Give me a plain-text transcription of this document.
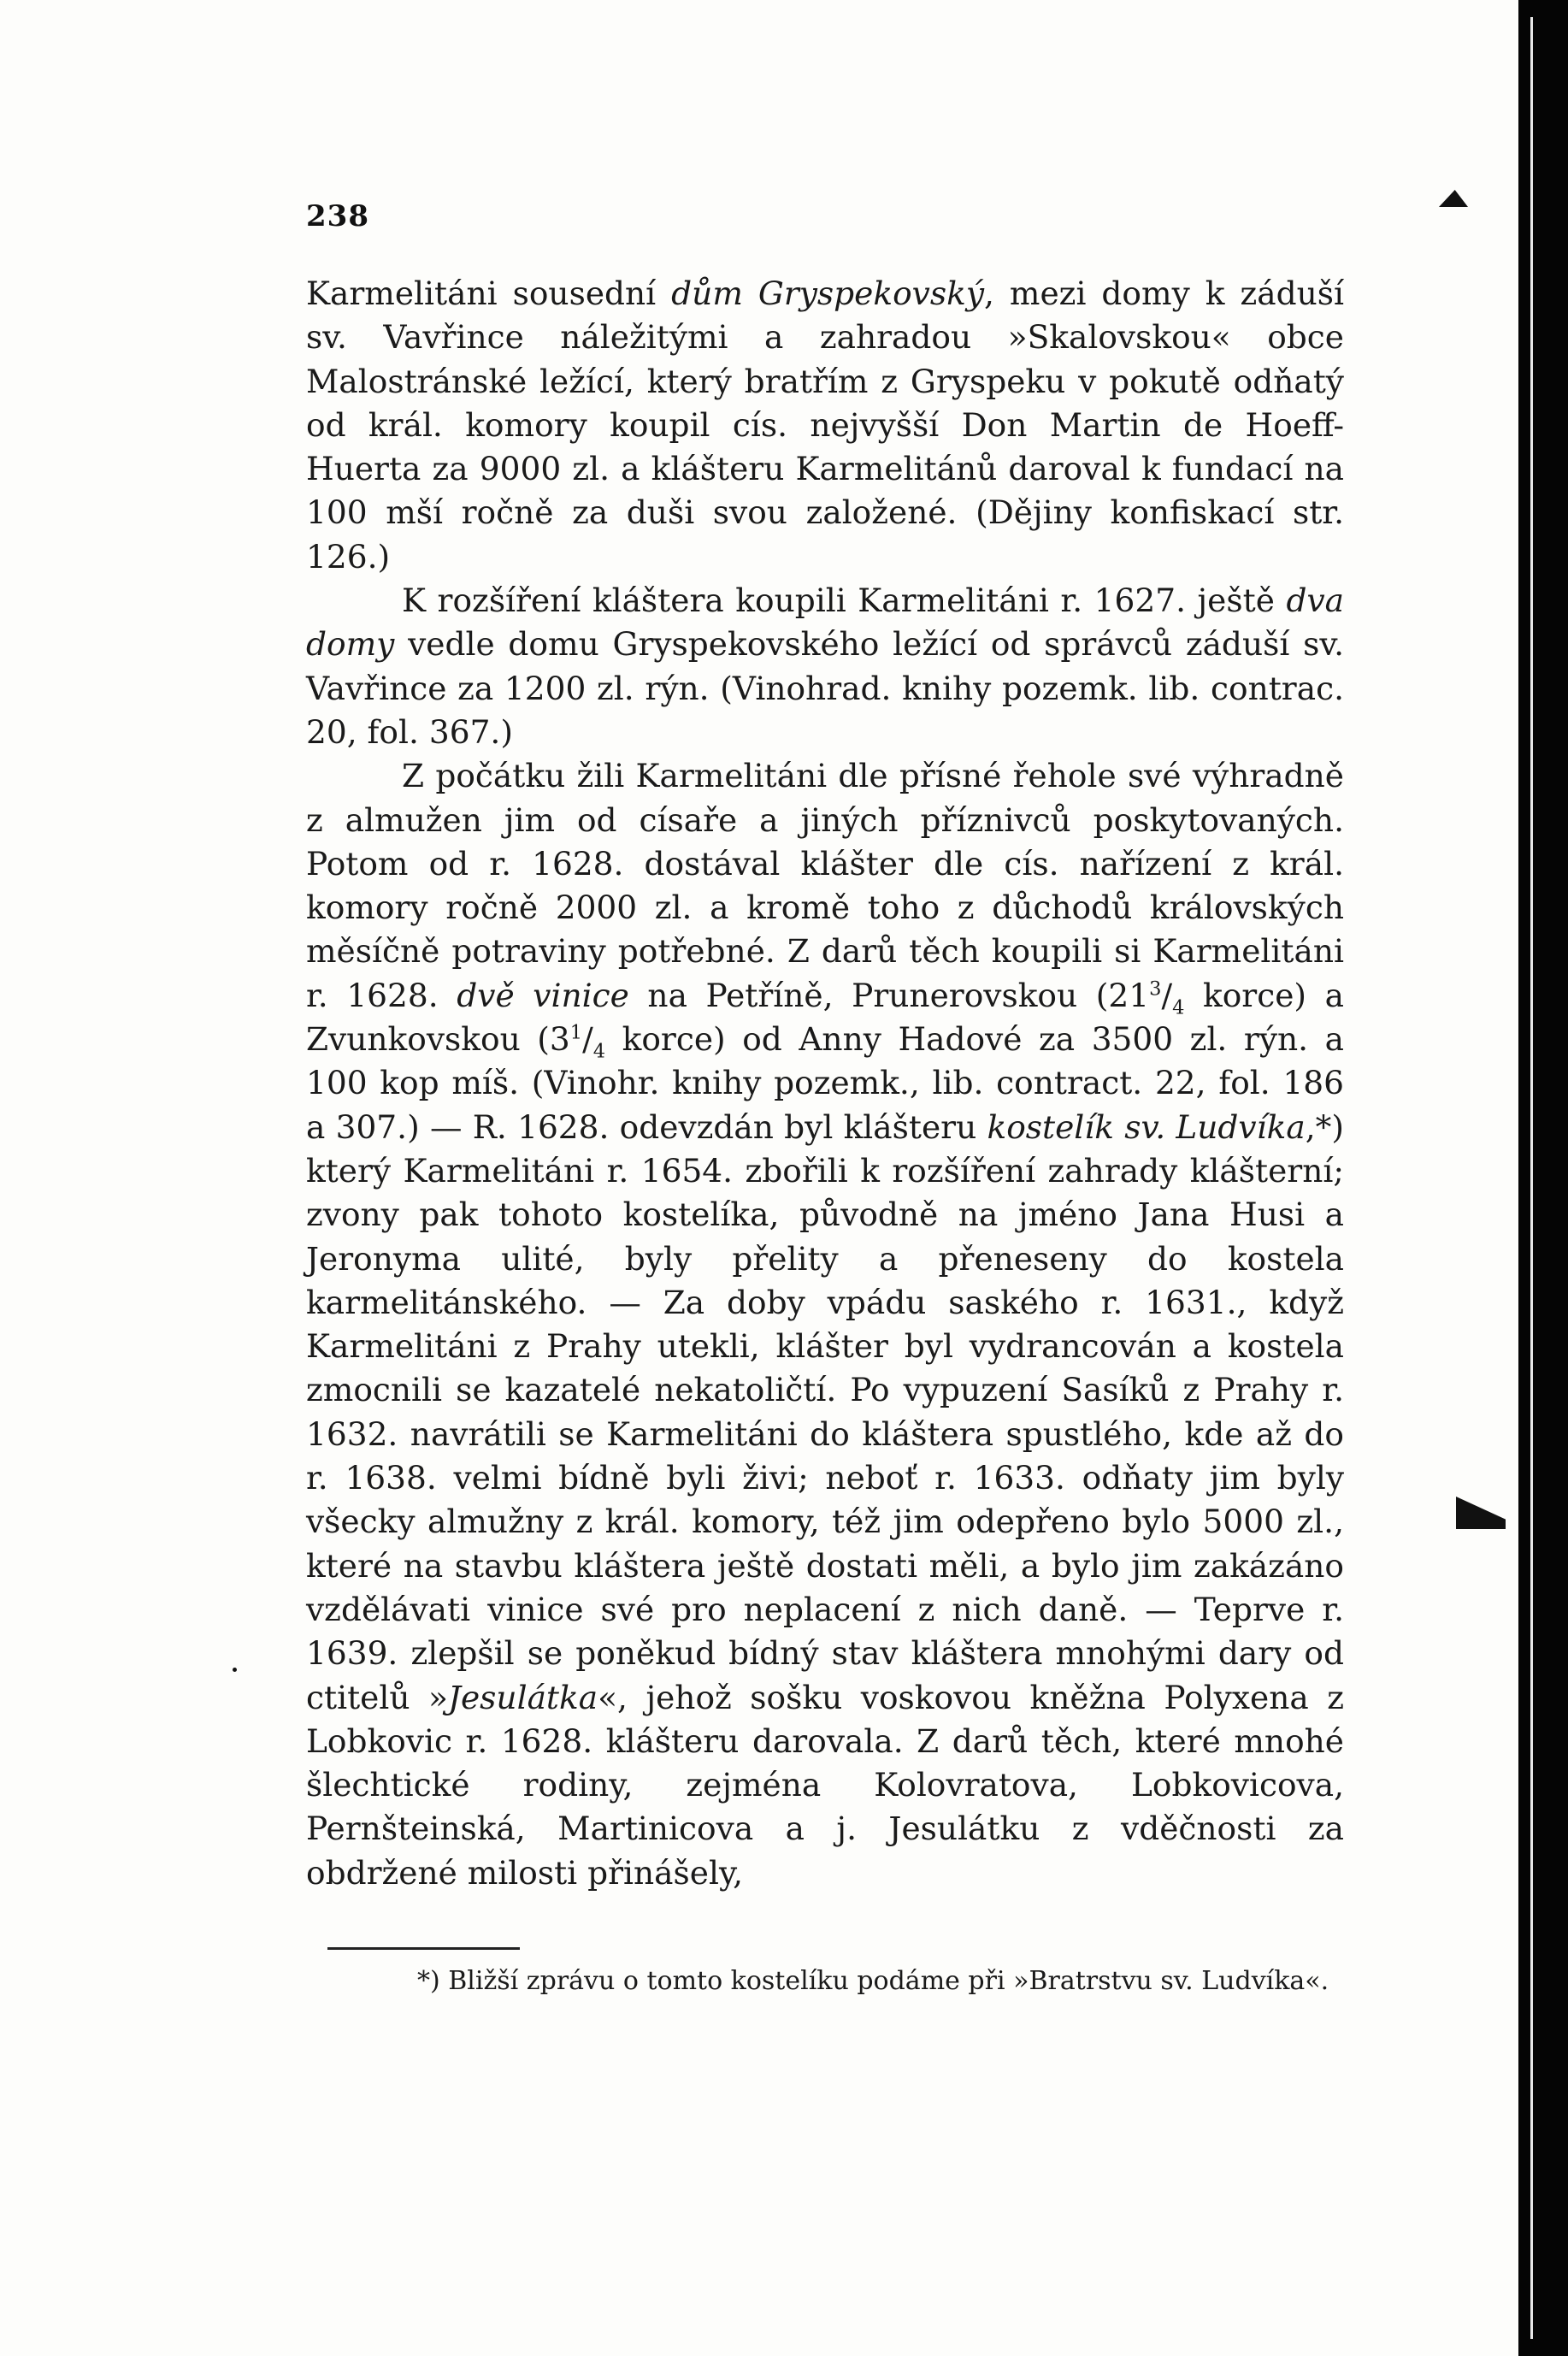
238

Karmelitáni sousední dům Gryspekovský, mezi domy k záduší sv. Vavřince náležitými a zahradou »Skalovskou« obce Malostránské ležící, který bratřím z Gryspeku v pokutě odňatý od král. komory koupil cís. nejvyšší Don Martin de Hoeff-Huerta za 9000 zl. a klášteru Karmelitánů daroval k fundací na 100 mší ročně za duši svou založené. (Dějiny konfiskací str. 126.)

K rozšíření kláštera koupili Karmelitáni r. 1627. ještě dva domy vedle domu Gryspekovského ležící od správců záduší sv. Vavřince za 1200 zl. rýn. (Vinohrad. knihy pozemk. lib. contrac. 20, fol. 367.)

Z počátku žili Karmelitáni dle přísné řehole své výhradně z almužen jim od císaře a jiných příznivců poskytovaných. Potom od r. 1628. dostával klášter dle cís. nařízení z král. komory ročně 2000 zl. a kromě toho z důchodů královských měsíčně potraviny potřebné. Z darů těch koupili si Karmelitáni r. 1628. dvě vinice na Petříně, Prunerovskou ($21^3/_4$ korce) a Zvunkovskou ($3^1/_4$ korce) od Anny Hadové za 3500 zl. rýn. a 100 kop míš. (Vinohr. knihy pozemk., lib. contract. 22, fol. 186 a 307.) — R. 1628. odevzdán byl klášteru kostelík sv. Ludvíka,*) který Karmelitáni r. 1654. zbořili k rozšíření zahrady klášterní; zvony pak tohoto kostelíka, původně na jméno Jana Husi a Jeronyma ulité, byly přelity a přeneseny do kostela karmelitánského. — Za doby vpádu saského r. 1631., když Karmelitáni z Prahy utekli, klášter byl vydrancován a kostela zmocnili se kazatelé nekatoličtí. Po vypuzení Sasíků z Prahy r. 1632. navrátili se Karmelitáni do kláštera spustlého, kde až do r. 1638. velmi bídně byli živi; neboť r. 1633. odňaty jim byly všecky almužny z král. komory, též jim odepřeno bylo 5000 zl., které na stavbu kláštera ještě dostati měli, a bylo jim zakázáno vzdělávati vinice své pro neplacení z nich daně. — Teprve r. 1639. zlepšil se poněkud bídný stav kláštera mnohými dary od ctitelů »Jesulátka«, jehož sošku voskovou kněžna Polyxena z Lobkovic r. 1628. klášteru darovala. Z darů těch, které mnohé šlechtické rodiny, zejména Kolovratova, Lobkovicova, Pernšteinská, Martinicova a j. Jesulátku z vděčnosti za obdržené milosti přinášely,

*) Bližší zprávu o tomto kostelíku podáme při »Bratrstvu sv. Ludvíka«.
